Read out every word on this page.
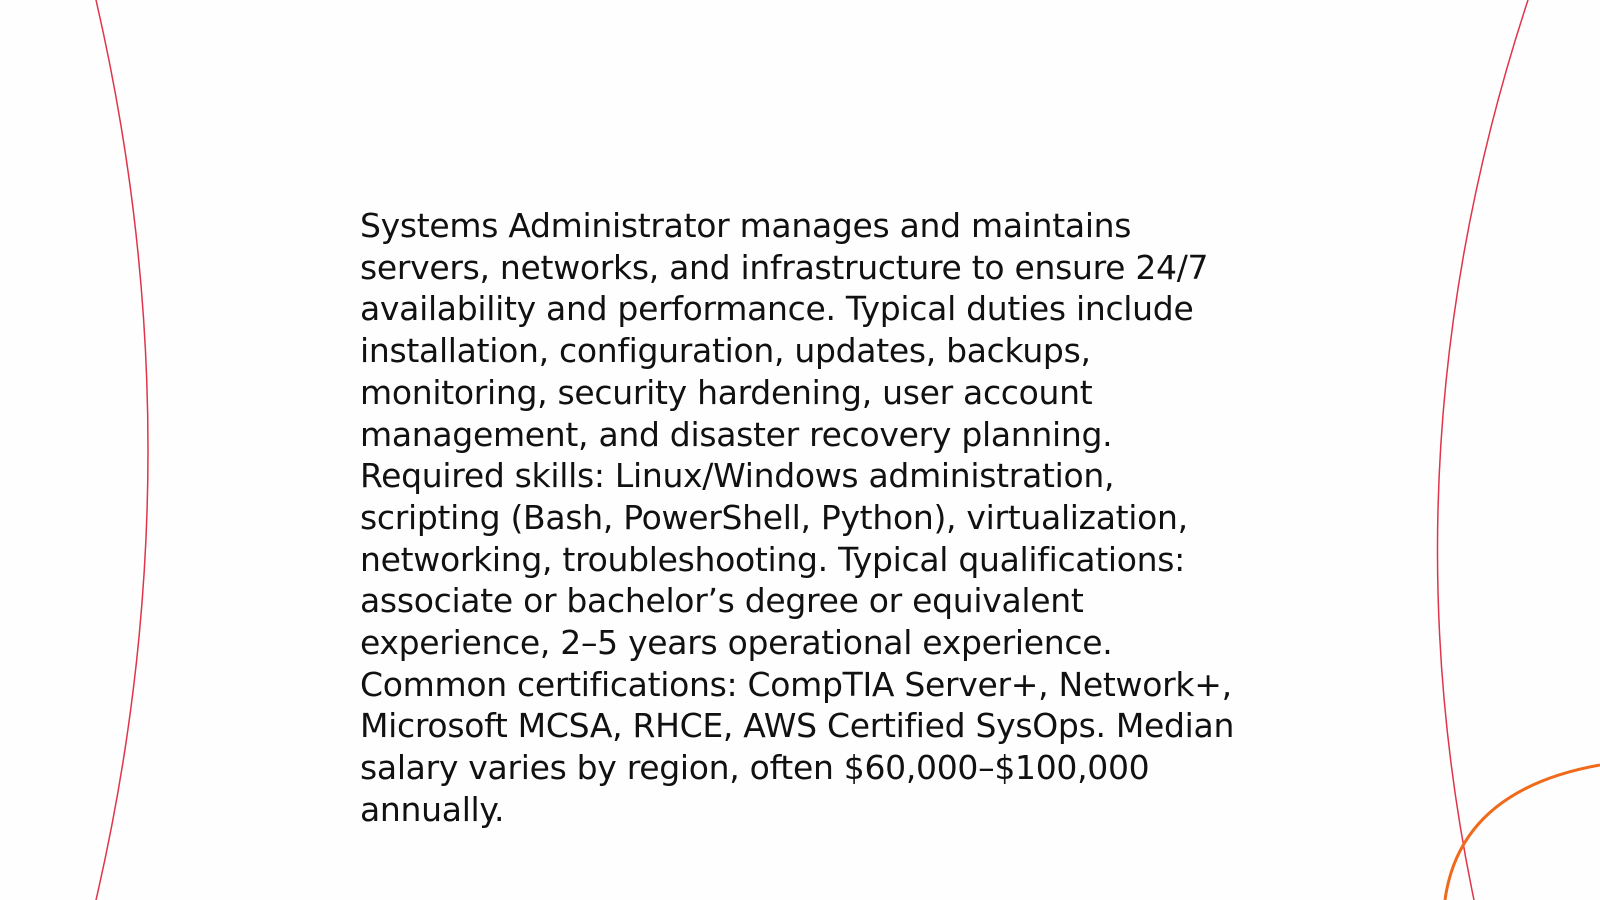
Systems Administrator manages and maintains
servers, networks, and infrastructure to ensure 24/7
availability and performance. Typical duties include
installation, configuration, updates, backups,
monitoring, security hardening, user account
management, and disaster recovery planning.
Required skills: Linux/Windows administration,
scripting (Bash, PowerShell, Python), virtualization,
networking, troubleshooting. Typical qualifications:
associate or bachelor’s degree or equivalent
experience, 2–5 years operational experience.
Common certifications: CompTIA Server+, Network+,
Microsoft MCSA, RHCE, AWS Certified SysOps. Median
salary varies by region, often $60,000–$100,000
annually.
